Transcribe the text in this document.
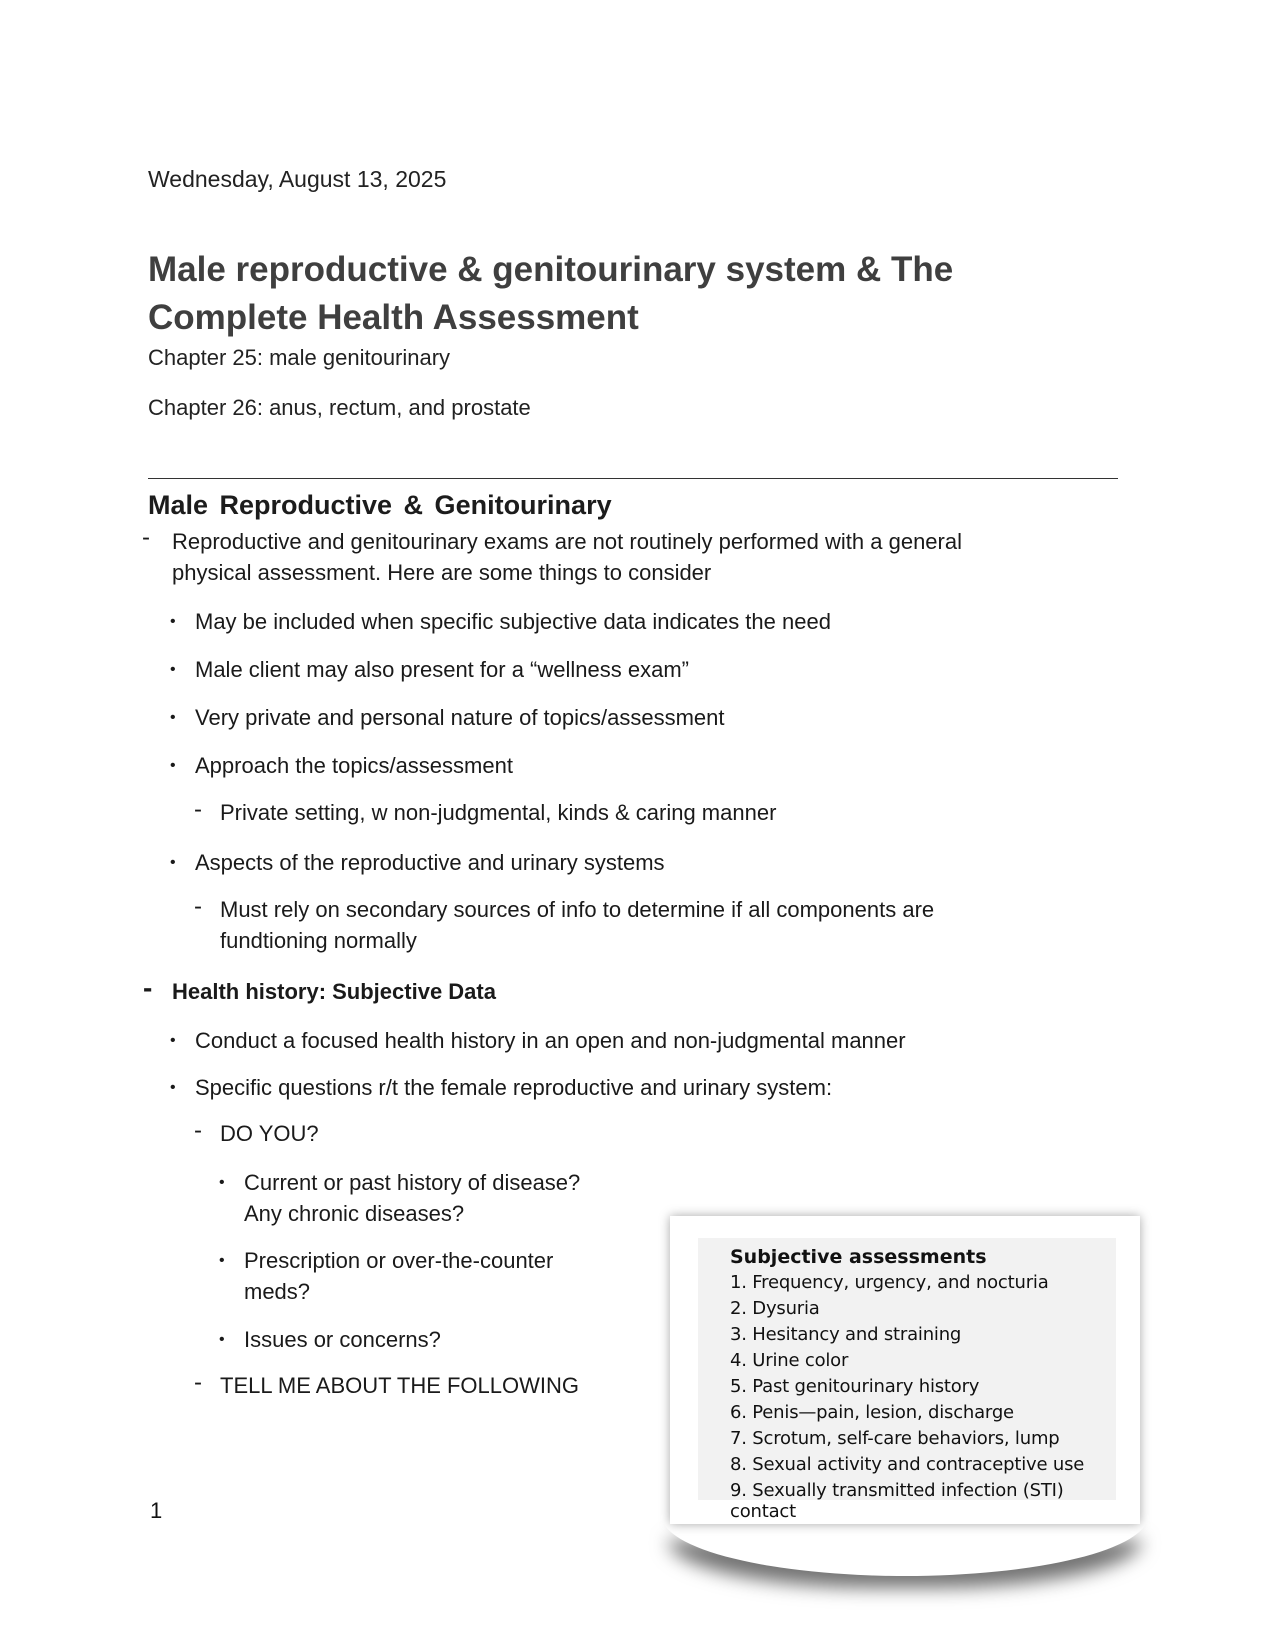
Wednesday, August 13, 2025
Male reproductive & genitourinary system & The
Complete Health Assessment
Chapter 25: male genitourinary
Chapter 26: anus, rectum, and prostate
Male Reproductive & Genitourinary
- Reproductive and genitourinary exams are not routinely performed with a general
physical assessment. Here are some things to consider
• May be included when specific subjective data indicates the need
• Male client may also present for a “wellness exam”
• Very private and personal nature of topics/assessment
• Approach the topics/assessment
- Private setting, w non-judgmental, kinds & caring manner
• Aspects of the reproductive and urinary systems
- Must rely on secondary sources of info to determine if all components are
fundtioning normally
- Health history: Subjective Data
• Conduct a focused health history in an open and non-judgmental manner
• Specific questions r/t the female reproductive and urinary system:
- DO YOU?
• Current or past history of disease?
Any chronic diseases?
• Prescription or over-the-counter
meds?
• Issues or concerns?
- TELL ME ABOUT THE FOLLOWING
1
Subjective assessments
1. Frequency, urgency, and nocturia
2. Dysuria
3. Hesitancy and straining
4. Urine color
5. Past genitourinary history
6. Penis—pain, lesion, discharge
7. Scrotum, self-care behaviors, lump
8. Sexual activity and contraceptive use
9. Sexually transmitted infection (STI) contact
